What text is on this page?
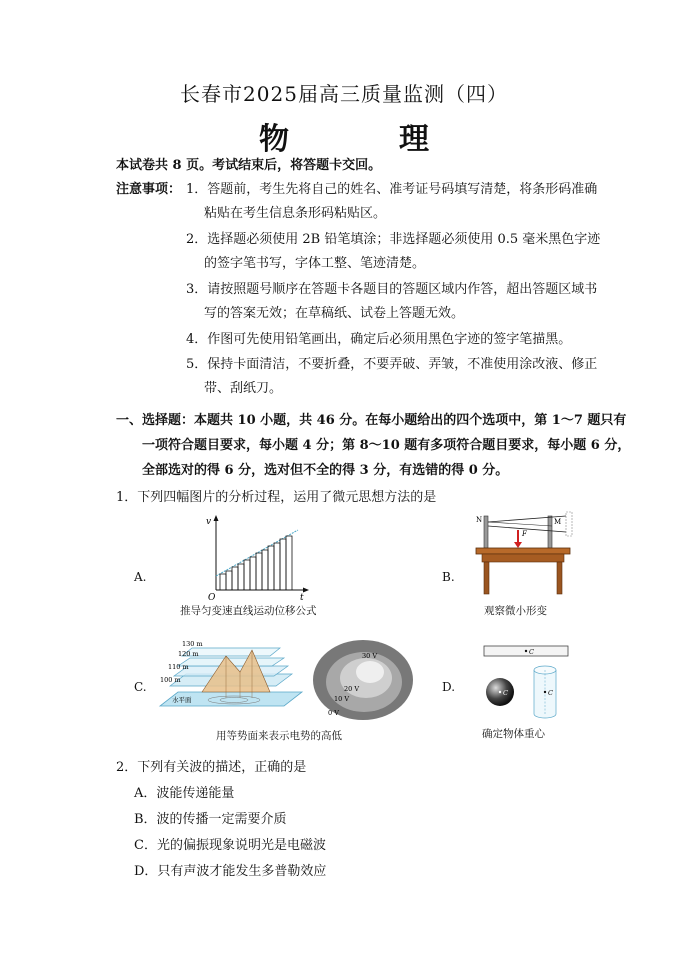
长春市2025届高三质量监测（四）
物　理
本试卷共 8 页。考试结束后，将答题卡交回。
注意事项： 1．答题前，考生先将自己的姓名、准考证号码填写清楚，将条形码准确
粘贴在考生信息条形码粘贴区。
2．选择题必须使用 2B 铅笔填涂；非选择题必须使用 0.5 毫米黑色字迹
的签字笔书写，字体工整、笔迹清楚。
3．请按照题号顺序在答题卡各题目的答题区域内作答，超出答题区域书
写的答案无效；在草稿纸、试卷上答题无效。
4．作图可先使用铅笔画出，确定后必须用黑色字迹的签字笔描黑。
5．保持卡面清洁，不要折叠，不要弄破、弄皱，不准使用涂改液、修正
带、刮纸刀。
一、选择题：本题共 10 小题，共 46 分。在每小题给出的四个选项中，第 1～7 题只有
一项符合题目要求，每小题 4 分；第 8～10 题有多项符合题目要求，每小题 6 分，
全部选对的得 6 分，选对但不全的得 3 分，有选错的得 0 分。
1．下列四幅图片的分析过程，运用了微元思想方法的是
A.
v
t
O
推导匀变速直线运动位移公式
B.
N	M
F
观察微小形变
C.
130 m
120 m
110 m
100 m
水平面
30 V
20 V
10 V
0 V
用等势面来表示电势的高低
D.
C
C	C
确定物体重心
2．下列有关波的描述，正确的是
A．波能传递能量
B．波的传播一定需要介质
C．光的偏振现象说明光是电磁波
D．只有声波才能发生多普勒效应
